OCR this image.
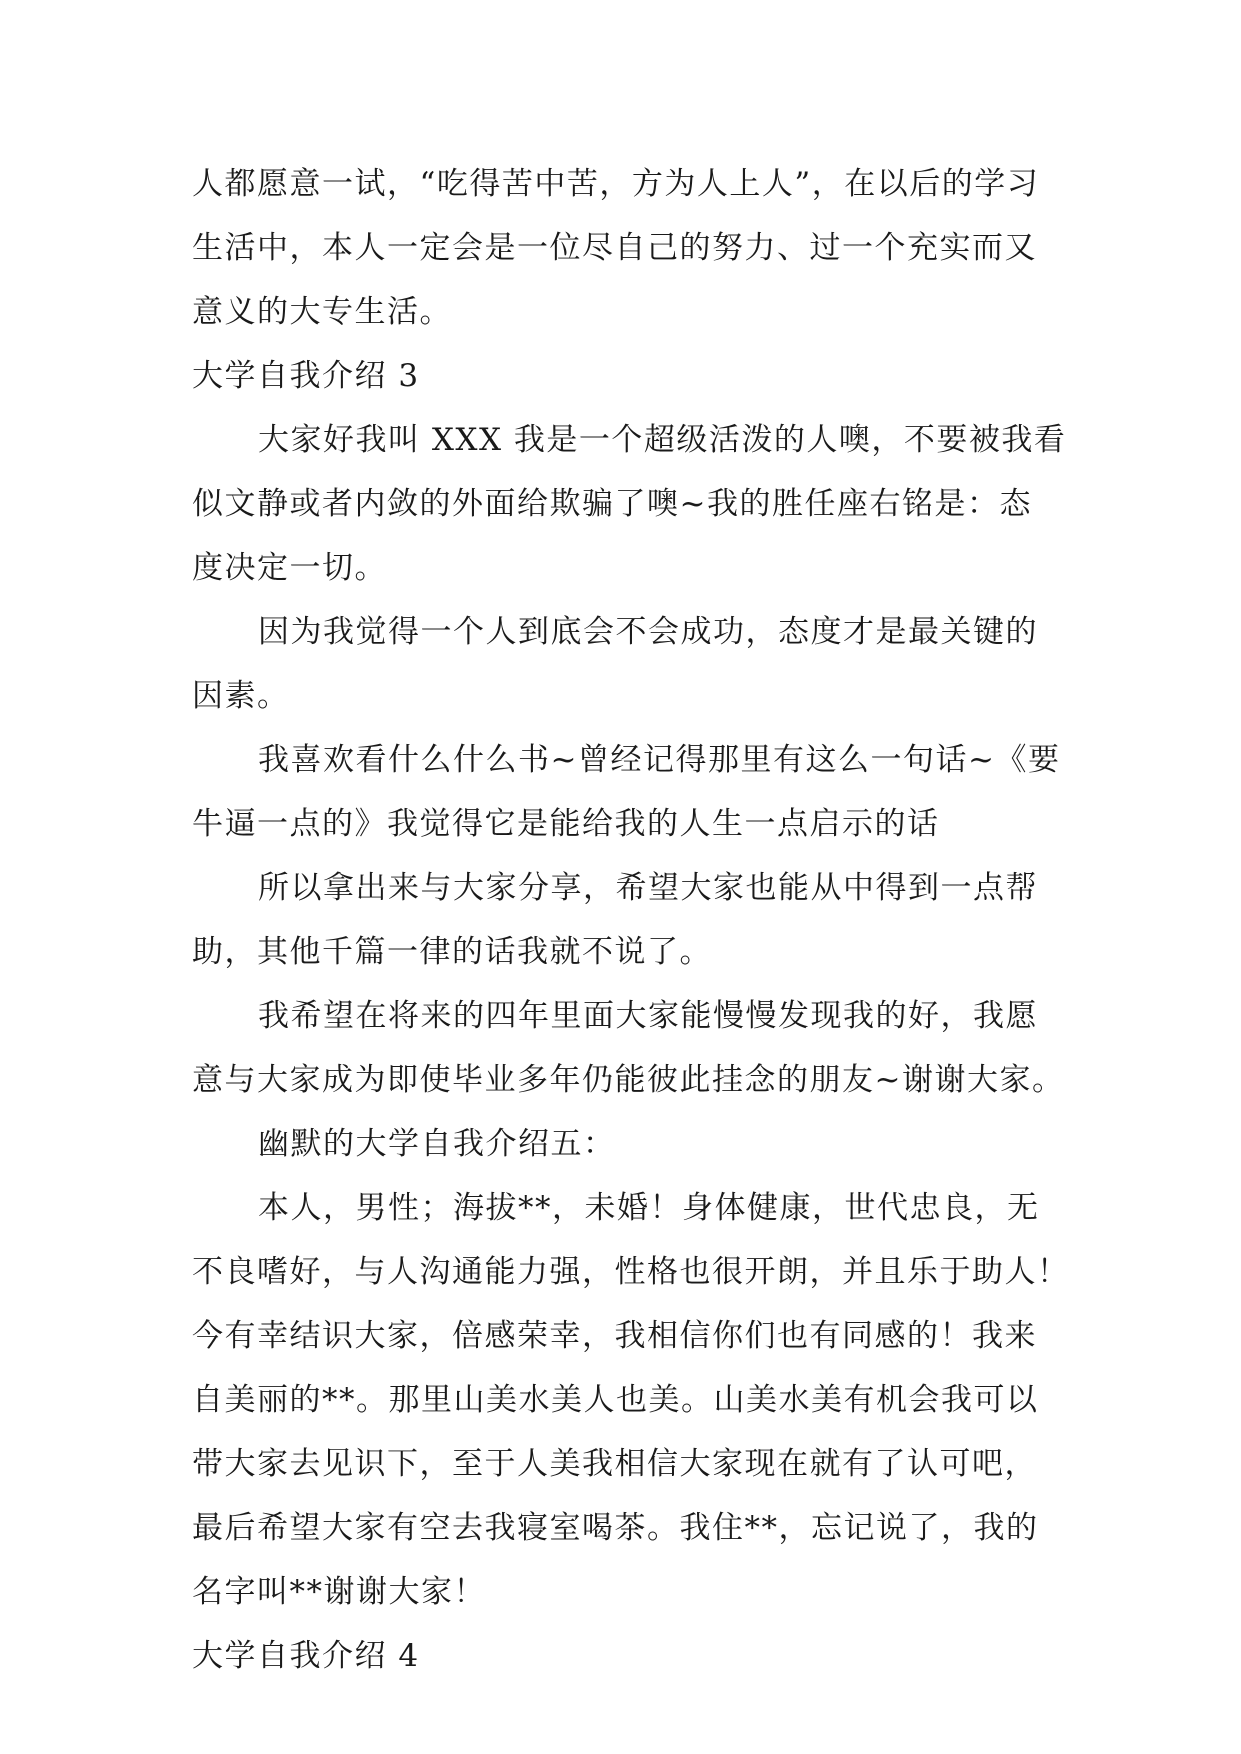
人都愿意一试，“吃得苦中苦，方为人上人”，在以后的学习
生活中，本人一定会是一位尽自己的努力、过一个充实而又
意义的大专生活。
大学自我介绍 3
大家好我叫 XXX 我是一个超级活泼的人噢，不要被我看
似文静或者内敛的外面给欺骗了噢~我的胜任座右铭是：态
度决定一切。
因为我觉得一个人到底会不会成功，态度才是最关键的
因素。
我喜欢看什么什么书~曾经记得那里有这么一句话~《要
牛逼一点的》我觉得它是能给我的人生一点启示的话
所以拿出来与大家分享，希望大家也能从中得到一点帮
助，其他千篇一律的话我就不说了。
我希望在将来的四年里面大家能慢慢发现我的好，我愿
意与大家成为即使毕业多年仍能彼此挂念的朋友~谢谢大家。
幽默的大学自我介绍五：
本人，男性；海拔**，未婚！身体健康，世代忠良，无
不良嗜好，与人沟通能力强，性格也很开朗，并且乐于助人！
今有幸结识大家，倍感荣幸，我相信你们也有同感的！我来
自美丽的**。那里山美水美人也美。山美水美有机会我可以
带大家去见识下，至于人美我相信大家现在就有了认可吧，
最后希望大家有空去我寝室喝茶。我住**，忘记说了，我的
名字叫**谢谢大家！
大学自我介绍 4
